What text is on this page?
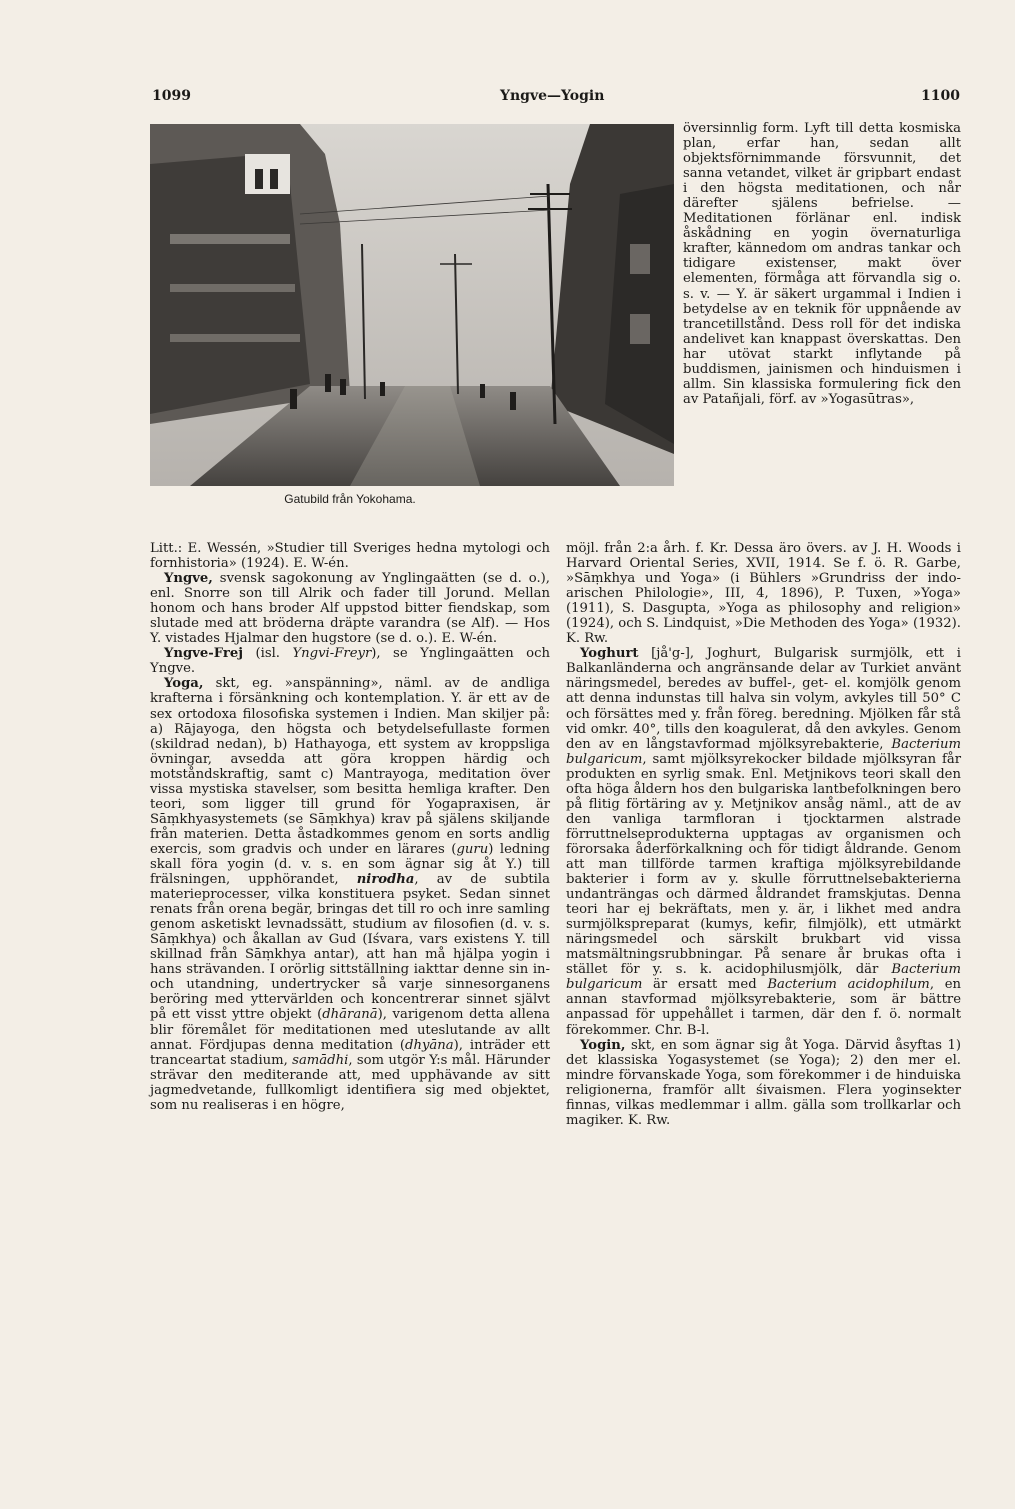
1099	Yngve—Yogin	1100
Gatubild från Yokohama.

översinnlig form. Lyft till detta kosmiska plan, erfar han, sedan allt objektsförnimmande försvunnit, det sanna vetandet, vilket är gripbart endast i den högsta meditationen, och når därefter själens befrielse. — Meditationen förlänar enl. indisk åskådning en yogin övernaturliga krafter, kännedom om andras tankar och tidigare existenser, makt över elementen, förmåga att förvandla sig o. s. v. — Y. är säkert urgammal i Indien i betydelse av en teknik för uppnående av trancetillstånd. Dess roll för det indiska andelivet kan knappast överskattas. Den har utövat starkt inflytande på buddismen, jainismen och hinduismen i allm. Sin klassiska formulering fick den av Patañjali, förf. av »Yogasūtras»,

Litt.: E. Wessén, »Studier till Sveriges hedna mytologi och fornhistoria» (1924). E. W-én.

Yngve, svensk sagokonung av Ynglingaätten (se d. o.), enl. Snorre son till Alrik och fader till Jorund. Mellan honom och hans broder Alf uppstod bitter fiendskap, som slutade med att bröderna dräpte varandra (se Alf). — Hos Y. vistades Hjalmar den hugstore (se d. o.). E. W-én.

Yngve-Frej (isl. Yngvi-Freyr), se Ynglingaätten och Yngve.

Yoga, skt, eg. »anspänning», näml. av de andliga krafterna i försänkning och kontemplation. Y. är ett av de sex ortodoxa filosofiska systemen i Indien. Man skiljer på: a) Rājayoga, den högsta och betydelsefullaste formen (skildrad nedan), b) Hathayoga, ett system av kroppsliga övningar, avsedda att göra kroppen härdig och motståndskraftig, samt c) Mantrayoga, meditation över vissa mystiska stavelser, som besitta hemliga krafter. Den teori, som ligger till grund för Yogapraxisen, är Sāṃkhyasystemets (se Sāṃkhya) krav på själens skiljande från materien. Detta åstadkommes genom en sorts andlig exercis, som gradvis och under en lärares (guru) ledning skall föra yogin (d. v. s. en som ägnar sig åt Y.) till frälsningen, upphörandet, nirodha, av de subtila materieprocesser, vilka konstituera psyket. Sedan sinnet renats från orena begär, bringas det till ro och inre samling genom asketiskt levnadssätt, studium av filosofien (d. v. s. Sāṃkhya) och åkallan av Gud (Iśvara, vars existens Y. till skillnad från Sāṃkhya antar), att han må hjälpa yogin i hans strävanden. I orörlig sittställning iakttar denne sin in- och utandning, undertrycker så varje sinnesorganens beröring med yttervärlden och koncentrerar sinnet självt på ett visst yttre objekt (dhāranā), varigenom detta allena blir föremålet för meditationen med uteslutande av allt annat. Fördjupas denna meditation (dhyāna), inträder ett tranceartat stadium, samādhi, som utgör Y:s mål. Härunder strävar den mediterande att, med upphävande av sitt jagmedvetande, fullkomligt identifiera sig med objektet, som nu realiseras i en högre,

möjl. från 2:a årh. f. Kr. Dessa äro övers. av J. H. Woods i Harvard Oriental Series, XVII, 1914. Se f. ö. R. Garbe, »Sāṃkhya und Yoga» (i Bühlers »Grundriss der indo-arischen Philologie», III, 4, 1896), P. Tuxen, »Yoga» (1911), S. Dasgupta, »Yoga as philosophy and religion» (1924), och S. Lindquist, »Die Methoden des Yoga» (1932). K. Rw.

Yoghurt [jå'g-], Joghurt, Bulgarisk surmjölk, ett i Balkanländerna och angränsande delar av Turkiet använt näringsmedel, beredes av buffel-, get- el. komjölk genom att denna indunstas till halva sin volym, avkyles till 50° C och försättes med y. från föreg. beredning. Mjölken får stå vid omkr. 40°, tills den koagulerat, då den avkyles. Genom den av en långstavformad mjölksyrebakterie, Bacterium bulgaricum, samt mjölksyrekocker bildade mjölksyran får produkten en syrlig smak. Enl. Metjnikovs teori skall den ofta höga åldern hos den bulgariska lantbefolkningen bero på flitig förtäring av y. Metjnikov ansåg näml., att de av den vanliga tarmfloran i tjocktarmen alstrade förruttnelseprodukterna upptagas av organismen och förorsaka åderförkalkning och för tidigt åldrande. Genom att man tillförde tarmen kraftiga mjölksyrebildande bakterier i form av y. skulle förruttnelsebakterierna undanträngas och därmed åldrandet framskjutas. Denna teori har ej bekräftats, men y. är, i likhet med andra surmjölkspreparat (kumys, kefir, filmjölk), ett utmärkt näringsmedel och särskilt brukbart vid vissa matsmältningsrubbningar. På senare år brukas ofta i stället för y. s. k. acidophilusmjölk, där Bacterium bulgaricum är ersatt med Bacterium acidophilum, en annan stavformad mjölksyrebakterie, som är bättre anpassad för uppehållet i tarmen, där den f. ö. normalt förekommer. Chr. B-l.

Yogin, skt, en som ägnar sig åt Yoga. Därvid åsyftas 1) det klassiska Yogasystemet (se Yoga); 2) den mer el. mindre förvanskade Yoga, som förekommer i de hinduiska religionerna, framför allt śivaismen. Flera yoginsekter finnas, vilkas medlemmar i allm. gälla som trollkarlar och magiker. K. Rw.
